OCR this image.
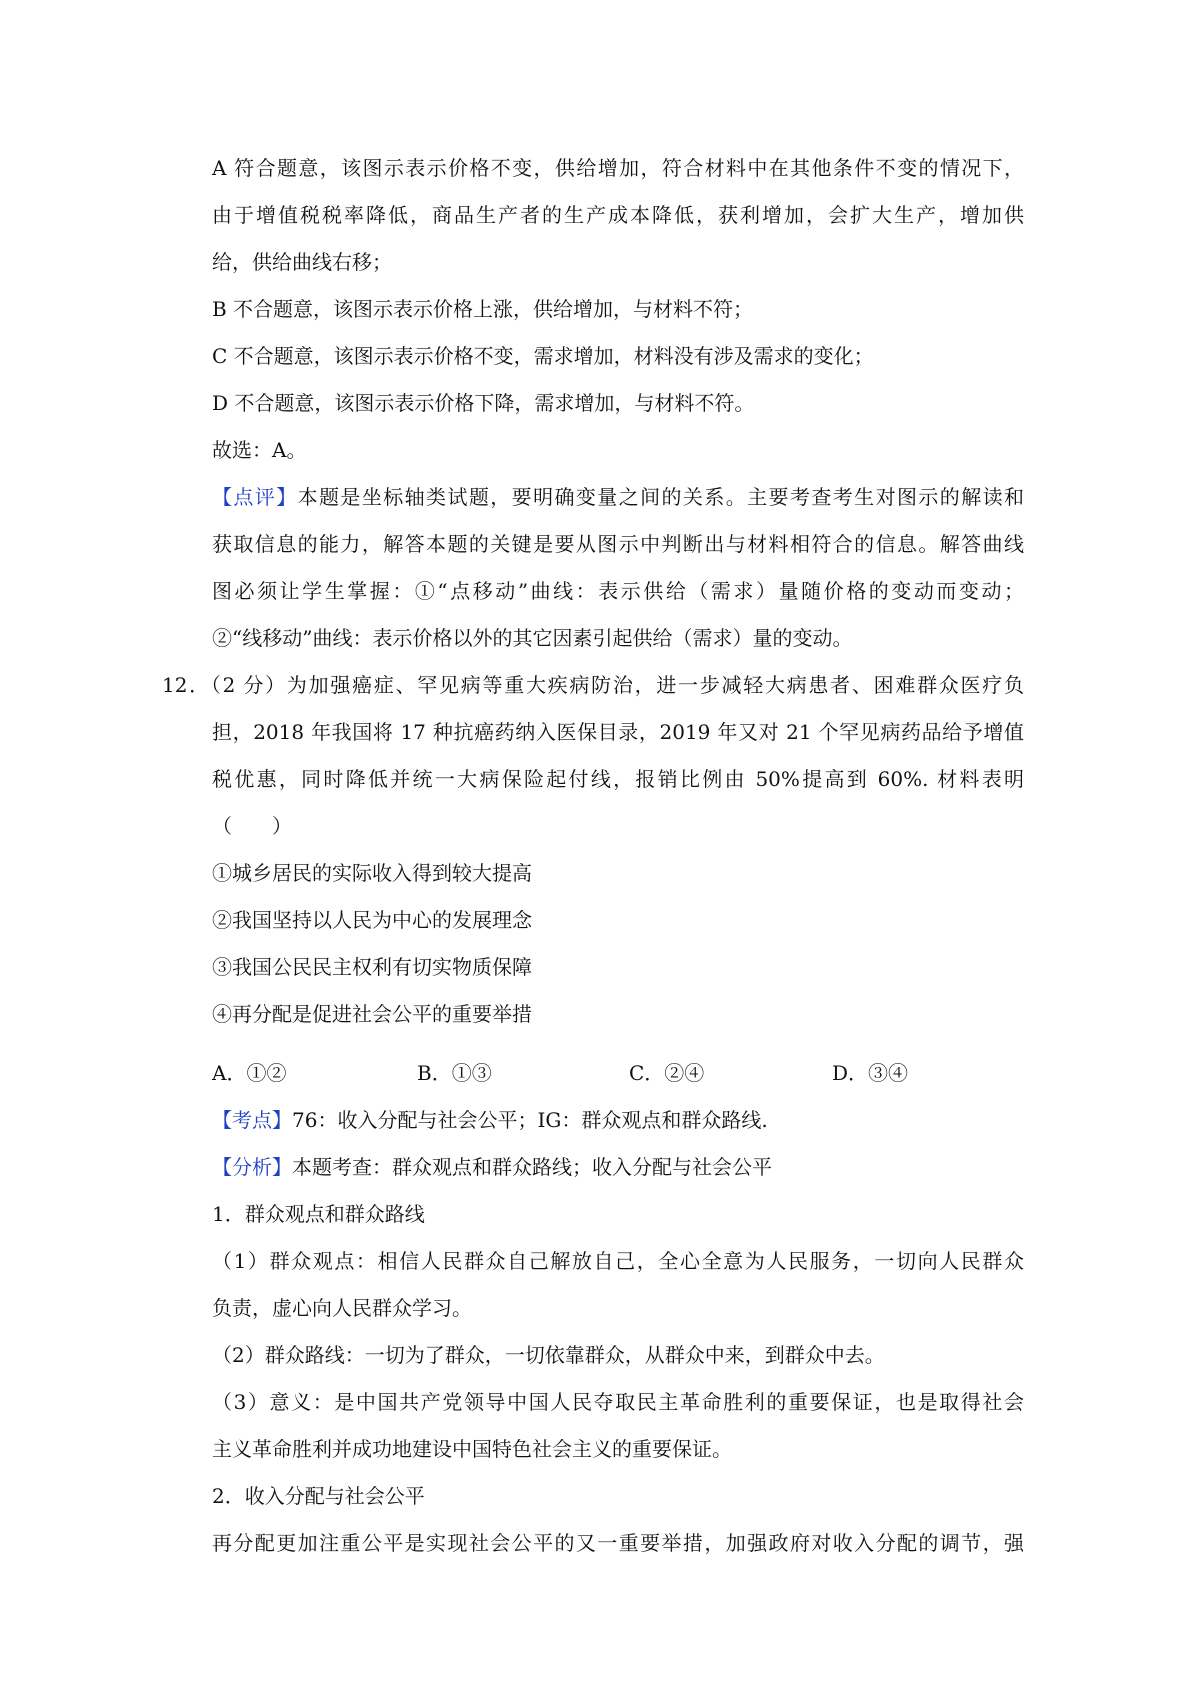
A 符合题意，该图示表示价格不变，供给增加，符合材料中在其他条件不变的情况下，
由于增值税税率降低，商品生产者的生产成本降低，获利增加，会扩大生产，增加供
给，供给曲线右移；
B 不合题意，该图示表示价格上涨，供给增加，与材料不符；
C 不合题意，该图示表示价格不变，需求增加，材料没有涉及需求的变化；
D 不合题意，该图示表示价格下降，需求增加，与材料不符。
故选：A。
【点评】本题是坐标轴类试题，要明确变量之间的关系。主要考查考生对图示的解读和
获取信息的能力，解答本题的关键是要从图示中判断出与材料相符合的信息。解答曲线
图必须让学生掌握：①“点移动”曲线：表示供给（需求）量随价格的变动而变动；
②“线移动”曲线：表示价格以外的其它因素引起供给（需求）量的变动。
12．（2 分）为加强癌症、罕见病等重大疾病防治，进一步减轻大病患者、困难群众医疗负
担，2018 年我国将 17 种抗癌药纳入医保目录，2019 年又对 21 个罕见病药品给予增值
税优惠，同时降低并统一大病保险起付线，报销比例由 50%提高到 60%. 材料表明
（　　）
①城乡居民的实际收入得到较大提高
②我国坚持以人民为中心的发展理念
③我国公民民主权利有切实物质保障
④再分配是促进社会公平的重要举措
A．①②	B．①③	C．②④	D．③④
【考点】76：收入分配与社会公平；IG：群众观点和群众路线.
【分析】本题考查：群众观点和群众路线；收入分配与社会公平
1．群众观点和群众路线
（1）群众观点：相信人民群众自己解放自己，全心全意为人民服务，一切向人民群众
负责，虚心向人民群众学习。
（2）群众路线：一切为了群众，一切依靠群众，从群众中来，到群众中去。
（3）意义：是中国共产党领导中国人民夺取民主革命胜利的重要保证，也是取得社会
主义革命胜利并成功地建设中国特色社会主义的重要保证。
2．收入分配与社会公平
再分配更加注重公平是实现社会公平的又一重要举措，加强政府对收入分配的调节，强
